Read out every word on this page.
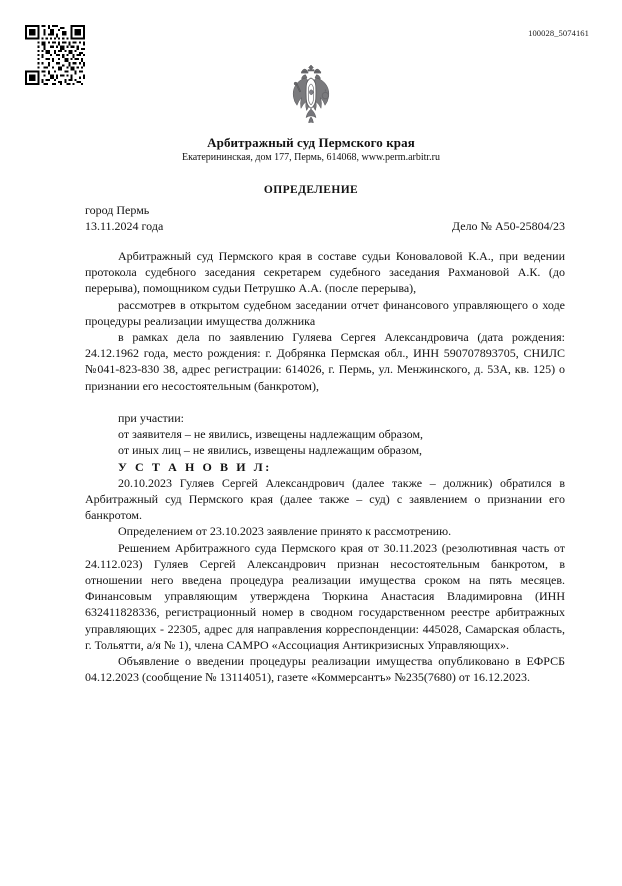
100028_5074161
Арбитражный суд Пермского края
Екатерининская, дом 177, Пермь, 614068, www.perm.arbitr.ru
ОПРЕДЕЛЕНИЕ
город Пермь
13.11.2024 года	Дело № А50-25804/23

Арбитражный суд Пермского края в составе судьи Коноваловой К.А., при ведении протокола судебного заседания секретарем судебного заседания Рахмановой А.К. (до перерыва), помощником судьи Петрушко А.А. (после перерыва),

рассмотрев в открытом судебном заседании отчет финансового управляющего о ходе процедуры реализации имущества должника

в рамках дела по заявлению Гуляева Сергея Александровича (дата рождения: 24.12.1962 года, место рождения: г. Добрянка Пермская обл., ИНН 590707893705, СНИЛС №041-823-830 38, адрес регистрации: 614026, г. Пермь, ул. Менжинского, д. 53А, кв. 125) о признании его несостоятельным (банкротом),

при участии:

от заявителя – не явились, извещены надлежащим образом,

от иных лиц – не явились, извещены надлежащим образом,

У С Т А Н О В И Л:

20.10.2023 Гуляев Сергей Александрович (далее также – должник) обратился в Арбитражный суд Пермского края (далее также – суд) с заявлением о признании его банкротом.

Определением от 23.10.2023 заявление принято к рассмотрению.

Решением Арбитражного суда Пермского края от 30.11.2023 (резолютивная часть от 24.112.023) Гуляев Сергей Александрович признан несостоятельным банкротом, в отношении него введена процедура реализации имущества сроком на пять месяцев. Финансовым управляющим утверждена Тюркина Анастасия Владимировна (ИНН 632411828336, регистрационный номер в сводном государственном реестре арбитражных управляющих - 22305, адрес для направления корреспонденции: 445028, Самарская область, г. Тольятти, а/я № 1), члена САМРО «Ассоциация Антикризисных Управляющих».

Объявление о введении процедуры реализации имущества опубликовано в ЕФРСБ 04.12.2023 (сообщение № 13114051), газете «Коммерсантъ» №235(7680) от 16.12.2023.
